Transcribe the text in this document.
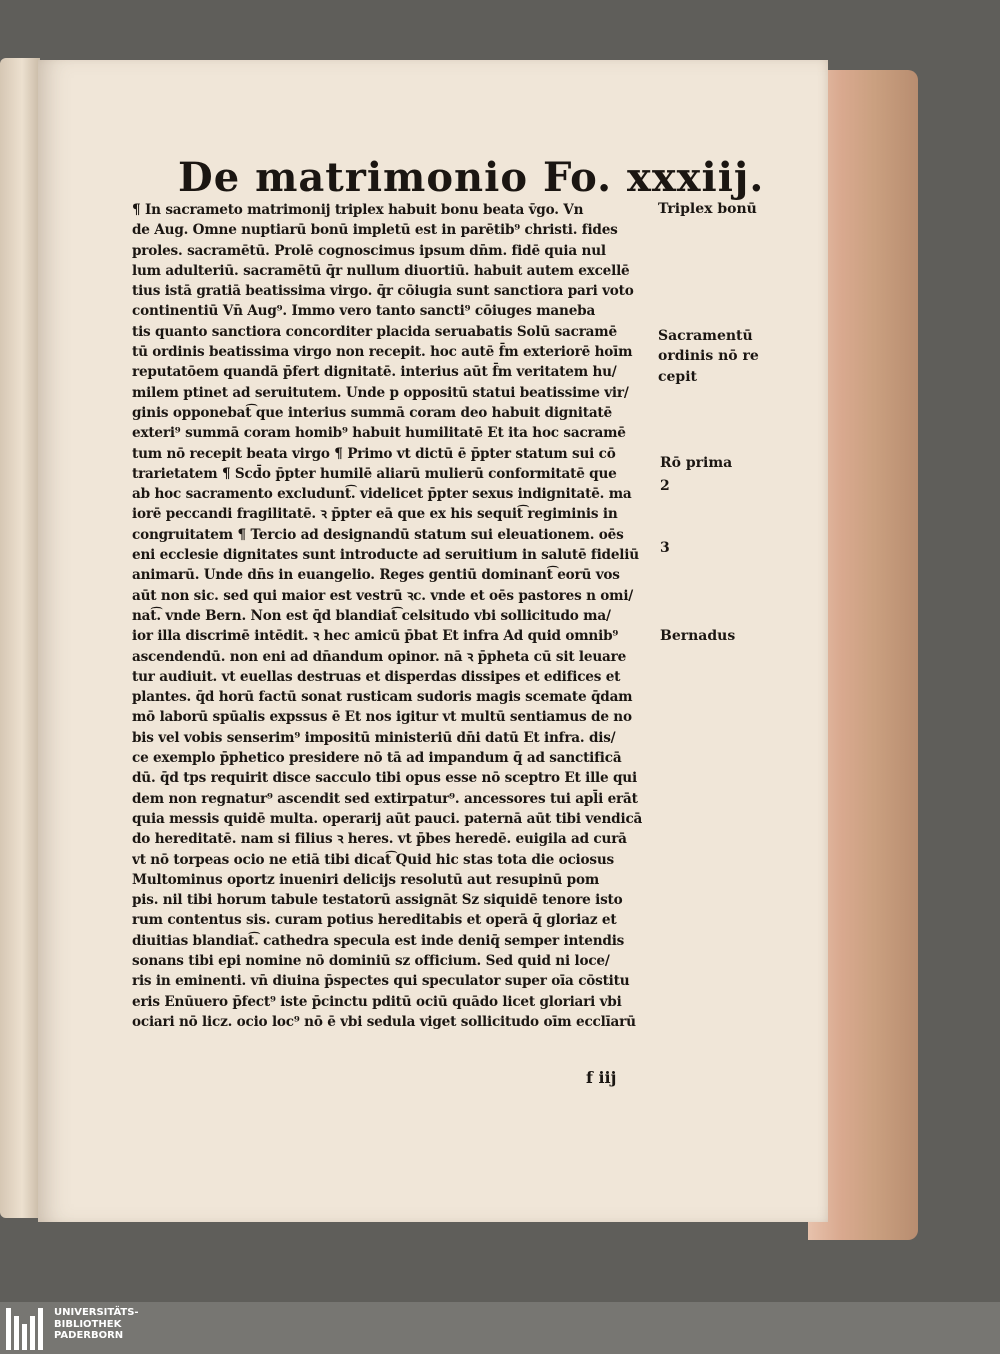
De matrimonio Fo. xxxiij.
¶ In sacrameto matrimonij triplex habuit bonu beata v̄go. Vn
de Aug. Omne nuptiarū bonū impletū est in parētib⁹ christi. fides
proles. sacramētū. Prolē cognoscimus ipsum dn̄m. fidē quia nul
lum adulteriū. sacramētū q̄r nullum diuortiū. habuit autem excellē
tius istā gratiā beatissima virgo. q̄r cōiugia sunt sanctiora pari voto
continentiū Vn̄ Aug⁹. Immo vero tanto sancti⁹ cōiuges maneba
tis quanto sanctiora concorditer placida seruabatis Solū sacramē
tū ordinis beatissima virgo non recepit. hoc autē f̄m exteriorē hoīm
reputatōem quandā p̄fert dignitatē. interius aūt f̄m veritatem hu/
milem ptinet ad seruitutem. Unde p oppositū statui beatissime vir/
ginis opponebat͡ que interius summā coram deo habuit dignitatē
exteri⁹ summā coram homib⁹ habuit humilitatē Et ita hoc sacramē
tum nō recepit beata virgo ¶ Primo vt dictū ē p̄pter statum sui cō
trarietatem ¶ Scd̄o p̄pter humilē aliarū mulierū conformitatē que
ab hoc sacramento excludunt͡. videlicet p̄pter sexus indignitatē. ma
iorē peccandi fragilitatē. ꝛ p̄pter eā que ex his sequit͡ regiminis in
congruitatem ¶ Tercio ad designandū statum sui eleuationem. oēs
eni ecclesie dignitates sunt introducte ad seruitium in salutē fideliū
animarū. Unde dn̄s in euangelio. Reges gentiū dominant͡ eorū vos
aūt non sic. sed qui maior est vestrū ꝛc. vnde et oēs pastores n omi/
nat͡. vnde Bern. Non est q̄d blandiat͡ celsitudo vbi sollicitudo ma/
ior illa discrimē intēdit. ꝛ hec amicū p̄bat Et infra Ad quid omnib⁹
ascendendū. non eni ad dn̄andum opinor. nā ꝛ p̄pheta cū sit leuare
tur audiuit. vt euellas destruas et disperdas dissipes et edifices et
plantes. q̄d horū factū sonat rusticam sudoris magis scemate q̄dam
mō laborū spūalis expssus ē Et nos igitur vt multū sentiamus de no
bis vel vobis senserim⁹ impositū ministeriū dn̄i datū Et infra. dis/
ce exemplo p̄phetico presidere nō tā ad impandum q̄ ad sanctificā
dū. q̄d tps requirit disce sacculo tibi opus esse nō sceptro Et ille qui
dem non regnatur⁹ ascendit sed extirpatur⁹. ancessores tui apl̄i erāt
quia messis quidē multa. operarij aūt pauci. paternā aūt tibi vendicā
do hereditatē. nam si filius ꝛ heres. vt p̄bes heredē. euigila ad curā
vt nō torpeas ocio ne etiā tibi dicat͡ Quid hic stas tota die ociosus
Multominus oportz inueniri delicijs resolutū aut resupinū pom
pis. nil tibi horum tabule testatorū assignāt Sz siquidē tenore isto
rum contentus sis. curam potius hereditabis et operā q̄ gloriaz et
diuitias blandiat͡. cathedra specula est inde deniq̄ semper intendis
sonans tibi epi nomine nō dominiū sz officium. Sed quid ni loce/
ris in eminenti. vn̄ diuina p̄spectes qui speculator super oīa cōstitu
eris Enūuero p̄fect⁹ iste p̄cinctu pditū ociū quādo licet gloriari vbi
ociari nō licz. ocio loc⁹ nō ē vbi sedula viget sollicitudo oīm ecclīarū
Triplex bonū
Sacramentū
ordinis nō re
cepit
Rō prima
2
3
Bernadus
f iij
UNIVERSITÄTS-
BIBLIOTHEK
PADERBORN
